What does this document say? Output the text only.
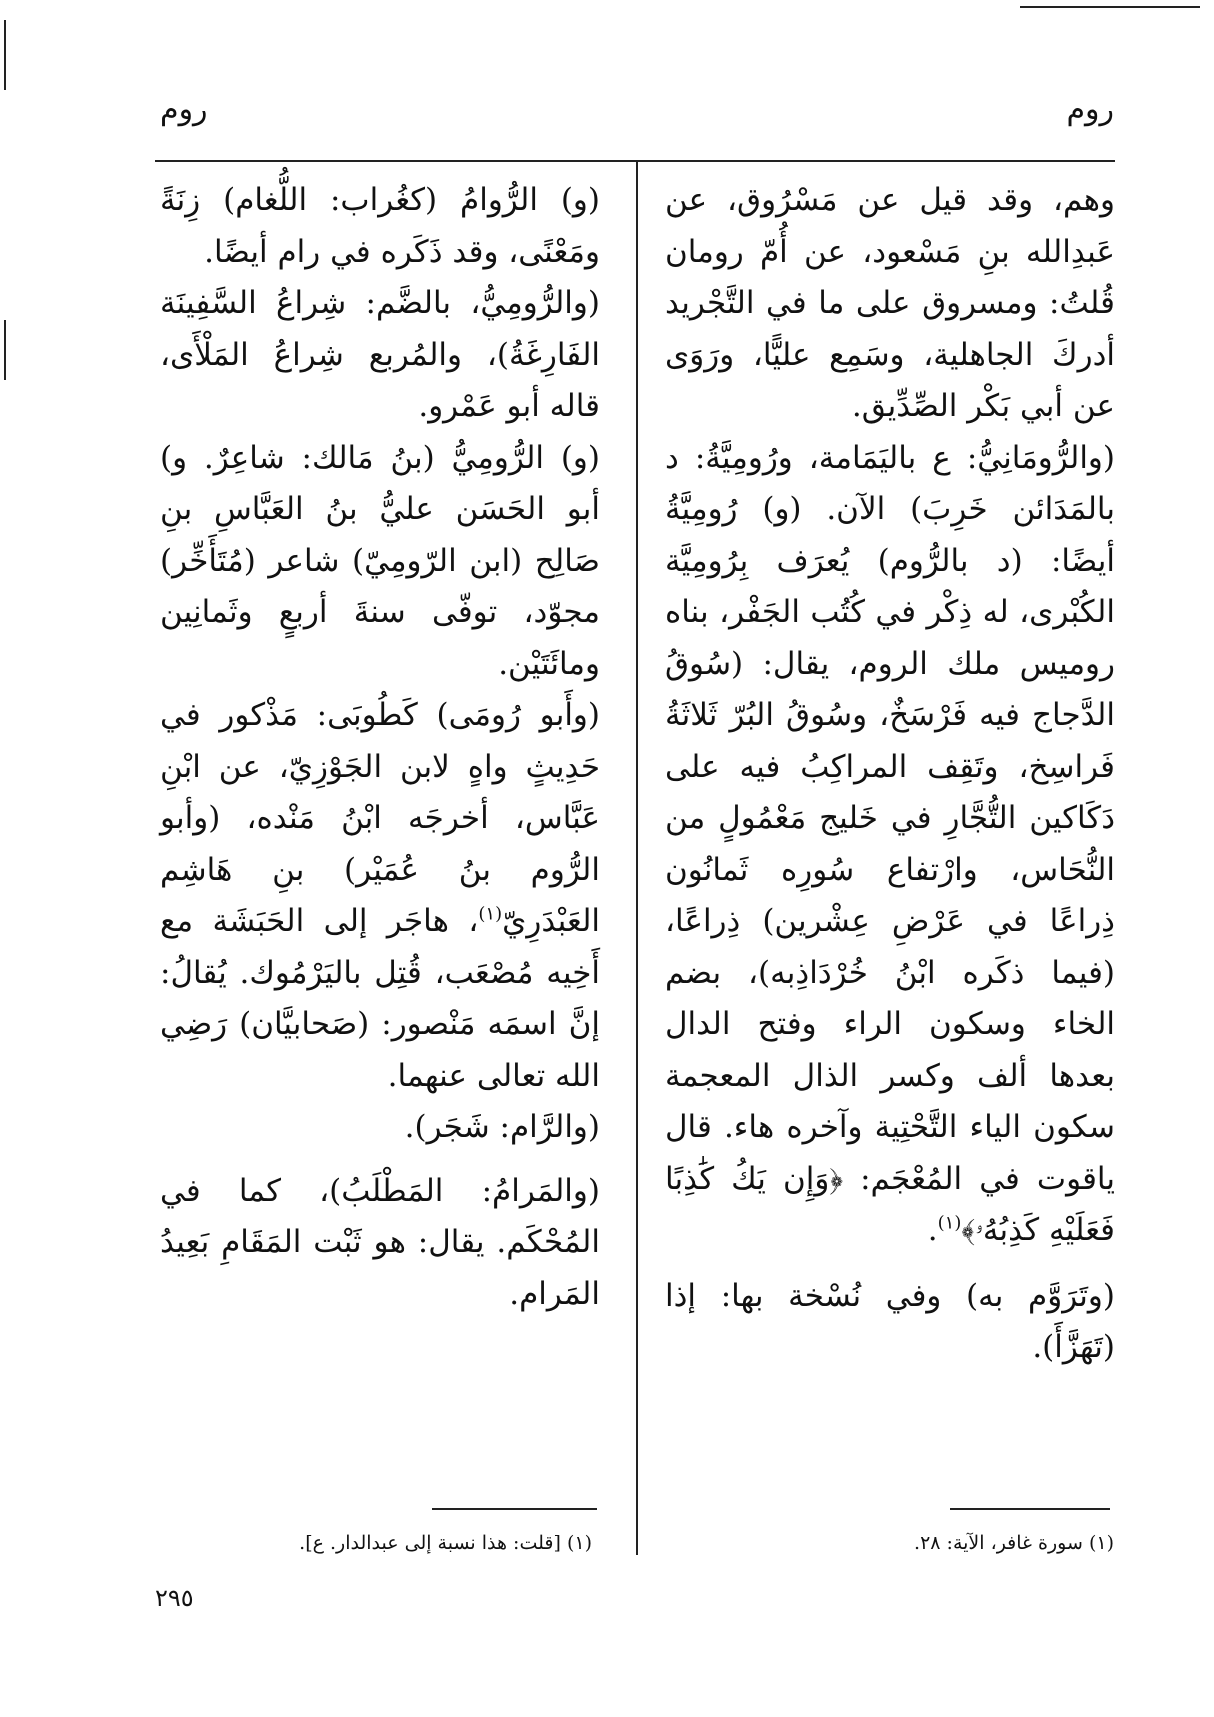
روم	روم

وهم، وقد قيل عن مَسْرُوق، عن عَبدِالله بنِ مَسْعود، عن أُمّ رومان قُلتُ: ومسروق على ما في التَّجْريد أدركَ الجاهلية، وسَمِع عليًّا، ورَوَى عن أبي بَكْر الصِّدِّيق.

(والرُّومَانِيُّ: ع باليَمَامة، ورُومِيَّةُ: د بالمَدَائن خَرِبَ) الآن. (و) رُومِيَّةُ أيضًا: (د بالرُّوم) يُعرَف بِرُومِيَّة الكُبْرى، له ذِكْر في كُتُب الجَفْر، بناه روميس ملك الروم، يقال: (سُوقُ الدَّجاج فيه فَرْسَخٌ، وسُوقُ البُرّ ثَلاثَةُ فَراسِخ، وتَقِف المراكِبُ فيه على دَكَاكين التُّجَّارِ في خَليج مَعْمُولٍ من النُّحَاس، وارْتفاع سُورِه ثَمانُون ذِراعًا في عَرْضِ عِشْرين) ذِراعًا، (فيما ذكَره ابْنُ خُرْدَاذِبه)، بضم الخاء وسكون الراء وفتح الدال بعدها ألف وكسر الذال المعجمة سكون الياء التَّحْتِية وآخره هاء. قال ياقوت في المُعْجَم: ﴿وَإِن يَكُ كَٰذِبًا فَعَلَيْهِ كَذِبُهُۥ﴾$^{(١)}$.

(وتَرَوَّم به) وفي نُسْخة بها: إذا (تَهَزَّأَ).

(و) الرُّوامُ (كغُراب: اللُّغام) زِنَةً ومَعْنًى، وقد ذَكَره في رام أيضًا.

(والرُّومِيُّ، بالضَّم: شِراعُ السَّفِينَة الفَارِغَةُ)، والمُربع شِراعُ المَلْأَى، قاله أبو عَمْرو.

(و) الرُّومِيُّ (بنُ مَالك: شاعِرٌ. و) أبو الحَسَن عليُّ بنُ العَبَّاسِ بنِ صَالِح (ابن الرّومِيّ) شاعر (مُتَأَخِّر) مجوّد، توفّى سنةَ أربعٍ وثَمانِين ومائَتَيْن.

(وأَبو رُومَى) كَطُوبَى: مَذْكور في حَدِيثٍ واهٍ لابن الجَوْزِيّ، عن ابْنِ عَبَّاس، أخرجَه ابْنُ مَنْده، (وأبو الرُّوم بنُ عُمَيْر) بنِ هَاشِم العَبْدَرِيّ$^{(١)}$، هاجَر إلى الحَبَشَة مع أَخِيه مُصْعَب، قُتِل باليَرْمُوك. يُقالُ: إنَّ اسمَه مَنْصور: (صَحابيَّان) رَضِي الله تعالى عنهما.

(والرَّام: شَجَر).

(والمَرامُ: المَطْلَبُ)، كما في المُحْكَم. يقال: هو ثَبْت المَقَامِ بَعِيدُ المَرام.

(١) [قلت: هذا نسبة إلى عبدالدار. ع].	(١) سورة غافر، الآية: ٢٨.
٢٩٥
